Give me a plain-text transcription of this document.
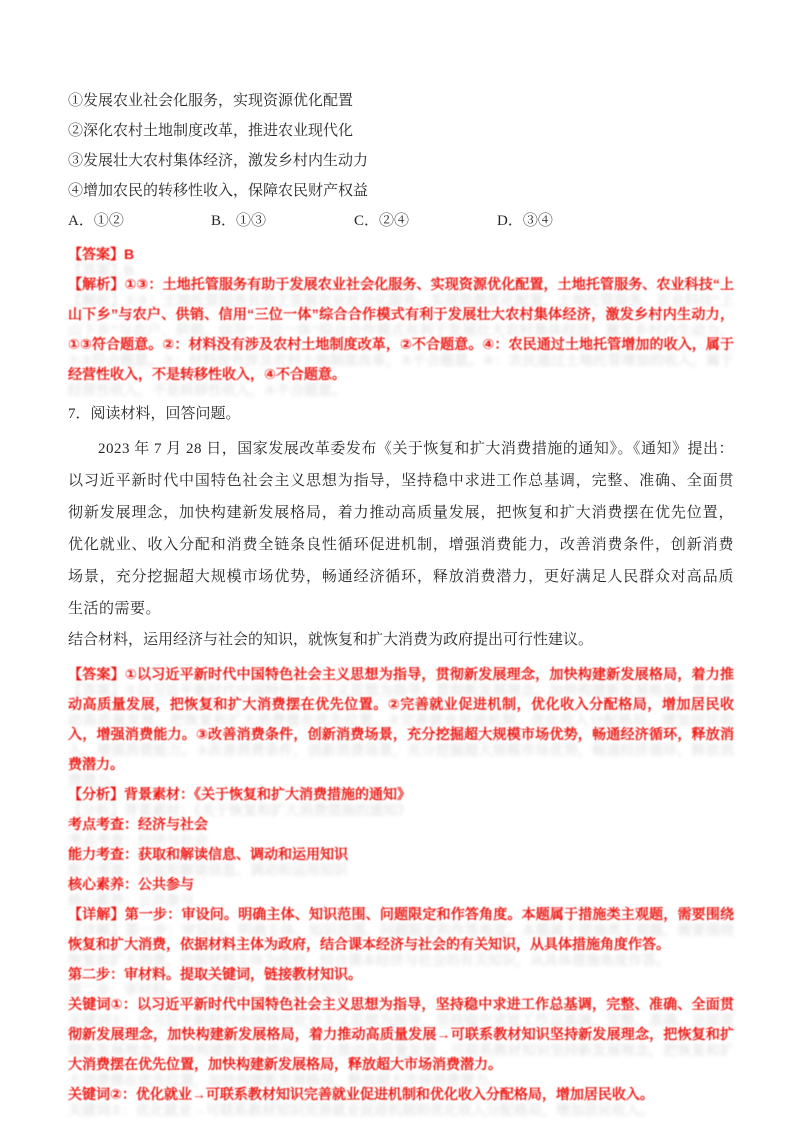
①发展农业社会化服务，实现资源优化配置
②深化农村土地制度改革，推进农业现代化
③发展壮大农村集体经济，激发乡村内生动力
④增加农民的转移性收入，保障农民财产权益
A．①②	B．①③	C．②④	D．③④

【答案】B

【解析】①③：土地托管服务有助于发展农业社会化服务、实现资源优化配置，土地托管服务、农业科技“上山下乡”与农户、供销、信用“三位一体”综合合作模式有利于发展壮大农村集体经济，激发乡村内生动力，①③符合题意。②：材料没有涉及农村土地制度改革，②不合题意。④：农民通过土地托管增加的收入，属于经营性收入，不是转移性收入，④不合题意。

7．阅读材料，回答问题。

2023 年 7 月 28 日，国家发展改革委发布《关于恢复和扩大消费措施的通知》。《通知》提出：以习近平新时代中国特色社会主义思想为指导，坚持稳中求进工作总基调，完整、准确、全面贯彻新发展理念，加快构建新发展格局，着力推动高质量发展，把恢复和扩大消费摆在优先位置，优化就业、收入分配和消费全链条良性循环促进机制，增强消费能力，改善消费条件，创新消费场景，充分挖掘超大规模市场优势，畅通经济循环，释放消费潜力，更好满足人民群众对高品质生活的需要。

结合材料，运用经济与社会的知识，就恢复和扩大消费为政府提出可行性建议。

【答案】①以习近平新时代中国特色社会主义思想为指导，贯彻新发展理念，加快构建新发展格局，着力推动高质量发展，把恢复和扩大消费摆在优先位置。②完善就业促进机制，优化收入分配格局，增加居民收入，增强消费能力。③改善消费条件，创新消费场景，充分挖掘超大规模市场优势，畅通经济循环，释放消费潜力。

【分析】背景素材：《关于恢复和扩大消费措施的通知》

考点考查：经济与社会

能力考查：获取和解读信息、调动和运用知识

核心素养：公共参与

【详解】第一步：审设问。明确主体、知识范围、问题限定和作答角度。本题属于措施类主观题，需要围绕恢复和扩大消费，依据材料主体为政府，结合课本经济与社会的有关知识，从具体措施角度作答。

第二步：审材料。提取关键词，链接教材知识。

关键词①：以习近平新时代中国特色社会主义思想为指导，坚持稳中求进工作总基调，完整、准确、全面贯彻新发展理念，加快构建新发展格局，着力推动高质量发展→可联系教材知识坚持新发展理念，把恢复和扩大消费摆在优先位置，加快构建新发展格局，释放超大市场消费潜力。

关键词②：优化就业→可联系教材知识完善就业促进机制和优化收入分配格局，增加居民收入。
